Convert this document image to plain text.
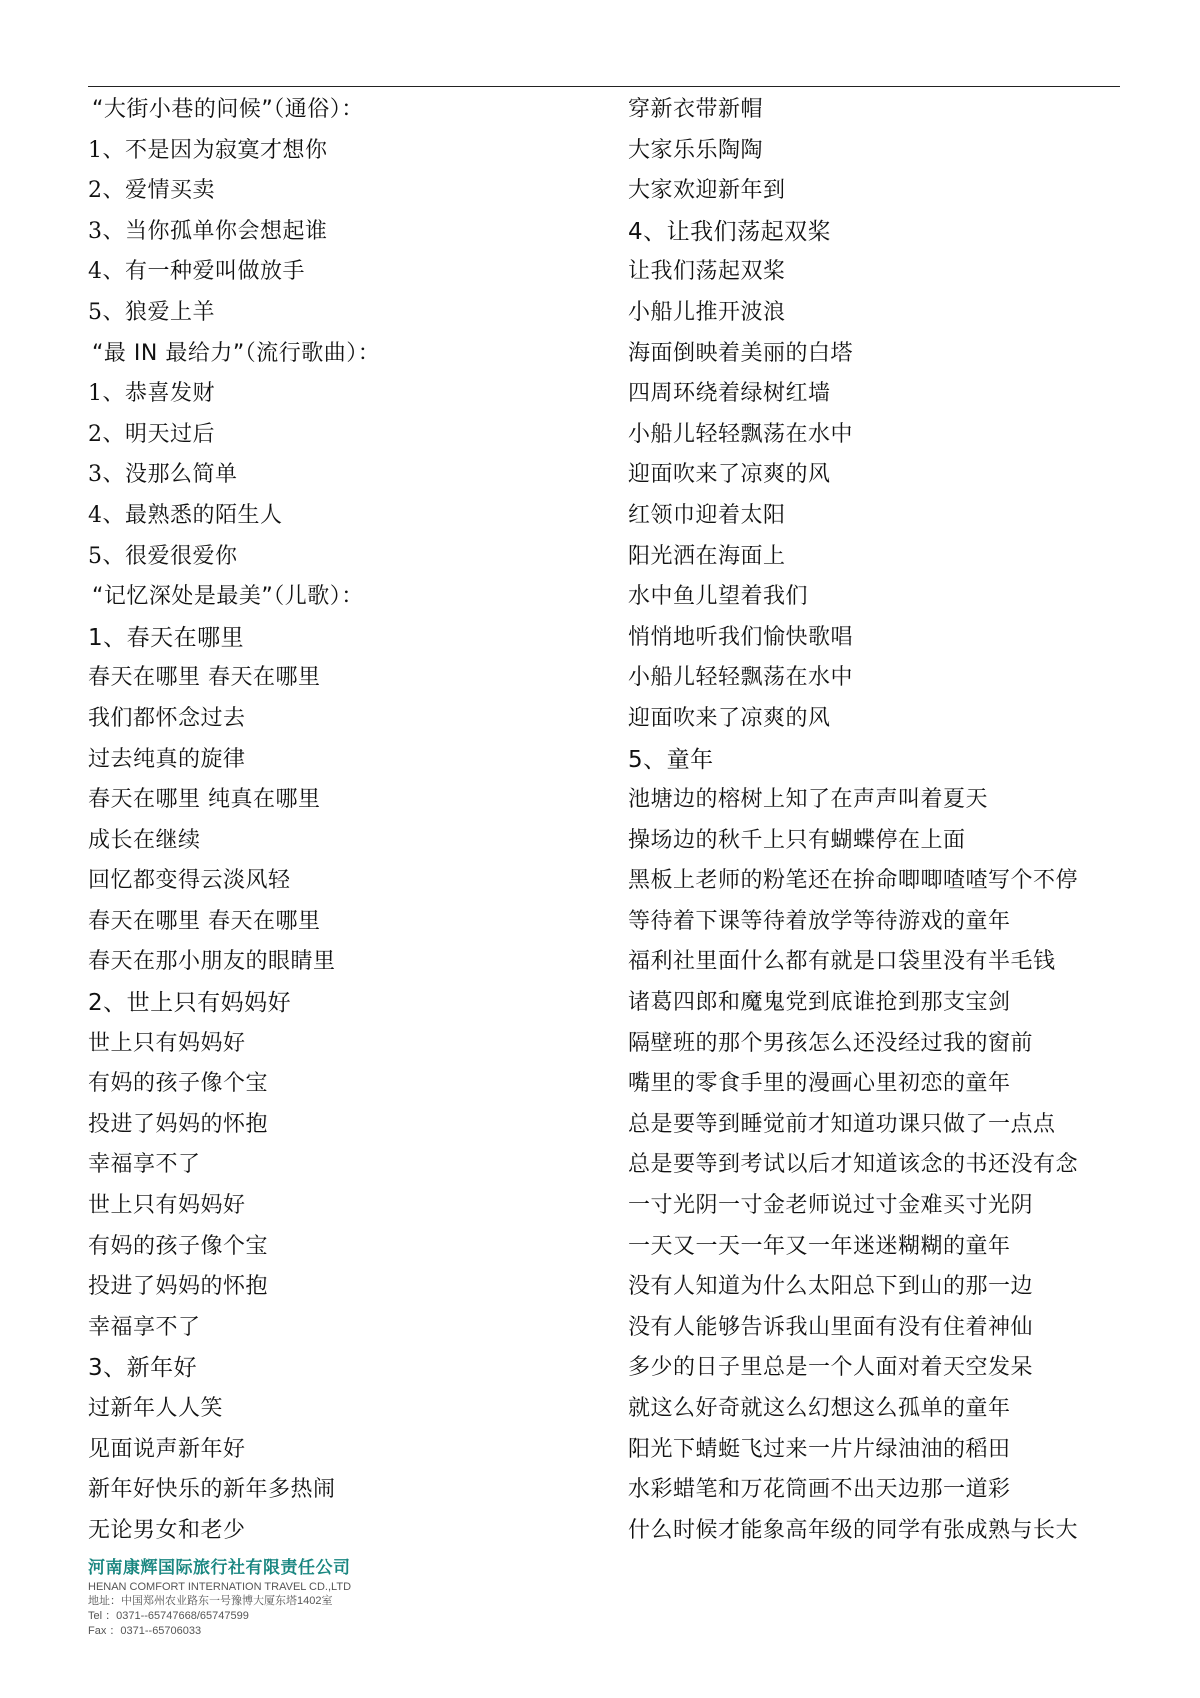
“大街小巷的问候”（通俗）：
1、不是因为寂寞才想你
2、爱情买卖
3、当你孤单你会想起谁
4、有一种爱叫做放手
5、狼爱上羊
“最 IN 最给力”（流行歌曲）：
1、恭喜发财
2、明天过后
3、没那么简单
4、最熟悉的陌生人
5、很爱很爱你
“记忆深处是最美”（儿歌）：
1、春天在哪里
春天在哪里 春天在哪里
我们都怀念过去
过去纯真的旋律
春天在哪里 纯真在哪里
成长在继续
回忆都变得云淡风轻
春天在哪里 春天在哪里
春天在那小朋友的眼睛里
2、世上只有妈妈好
世上只有妈妈好
有妈的孩子像个宝
投进了妈妈的怀抱
幸福享不了
世上只有妈妈好
有妈的孩子像个宝
投进了妈妈的怀抱
幸福享不了
3、新年好
过新年人人笑
见面说声新年好
新年好快乐的新年多热闹
无论男女和老少
穿新衣带新帽
大家乐乐陶陶
大家欢迎新年到
4、让我们荡起双桨
让我们荡起双桨
小船儿推开波浪
海面倒映着美丽的白塔
四周环绕着绿树红墙
小船儿轻轻飘荡在水中
迎面吹来了凉爽的风
红领巾迎着太阳
阳光洒在海面上
水中鱼儿望着我们
悄悄地听我们愉快歌唱
小船儿轻轻飘荡在水中
迎面吹来了凉爽的风
5、童年
池塘边的榕树上知了在声声叫着夏天
操场边的秋千上只有蝴蝶停在上面
黑板上老师的粉笔还在拚命唧唧喳喳写个不停
等待着下课等待着放学等待游戏的童年
福利社里面什么都有就是口袋里没有半毛钱
诸葛四郎和魔鬼党到底谁抢到那支宝剑
隔壁班的那个男孩怎么还没经过我的窗前
嘴里的零食手里的漫画心里初恋的童年
总是要等到睡觉前才知道功课只做了一点点
总是要等到考试以后才知道该念的书还没有念
一寸光阴一寸金老师说过寸金难买寸光阴
一天又一天一年又一年迷迷糊糊的童年
没有人知道为什么太阳总下到山的那一边
没有人能够告诉我山里面有没有住着神仙
多少的日子里总是一个人面对着天空发呆
就这么好奇就这么幻想这么孤单的童年
阳光下蜻蜓飞过来一片片绿油油的稻田
水彩蜡笔和万花筒画不出天边那一道彩
什么时候才能象高年级的同学有张成熟与长大
河南康辉国际旅行社有限责任公司
HENAN COMFORT INTERNATION TRAVEL CD.,LTD
地址：中国郑州农业路东一号豫博大厦东塔1402室
Tel ：0371--65747668/65747599
Fax ：0371--65706033
